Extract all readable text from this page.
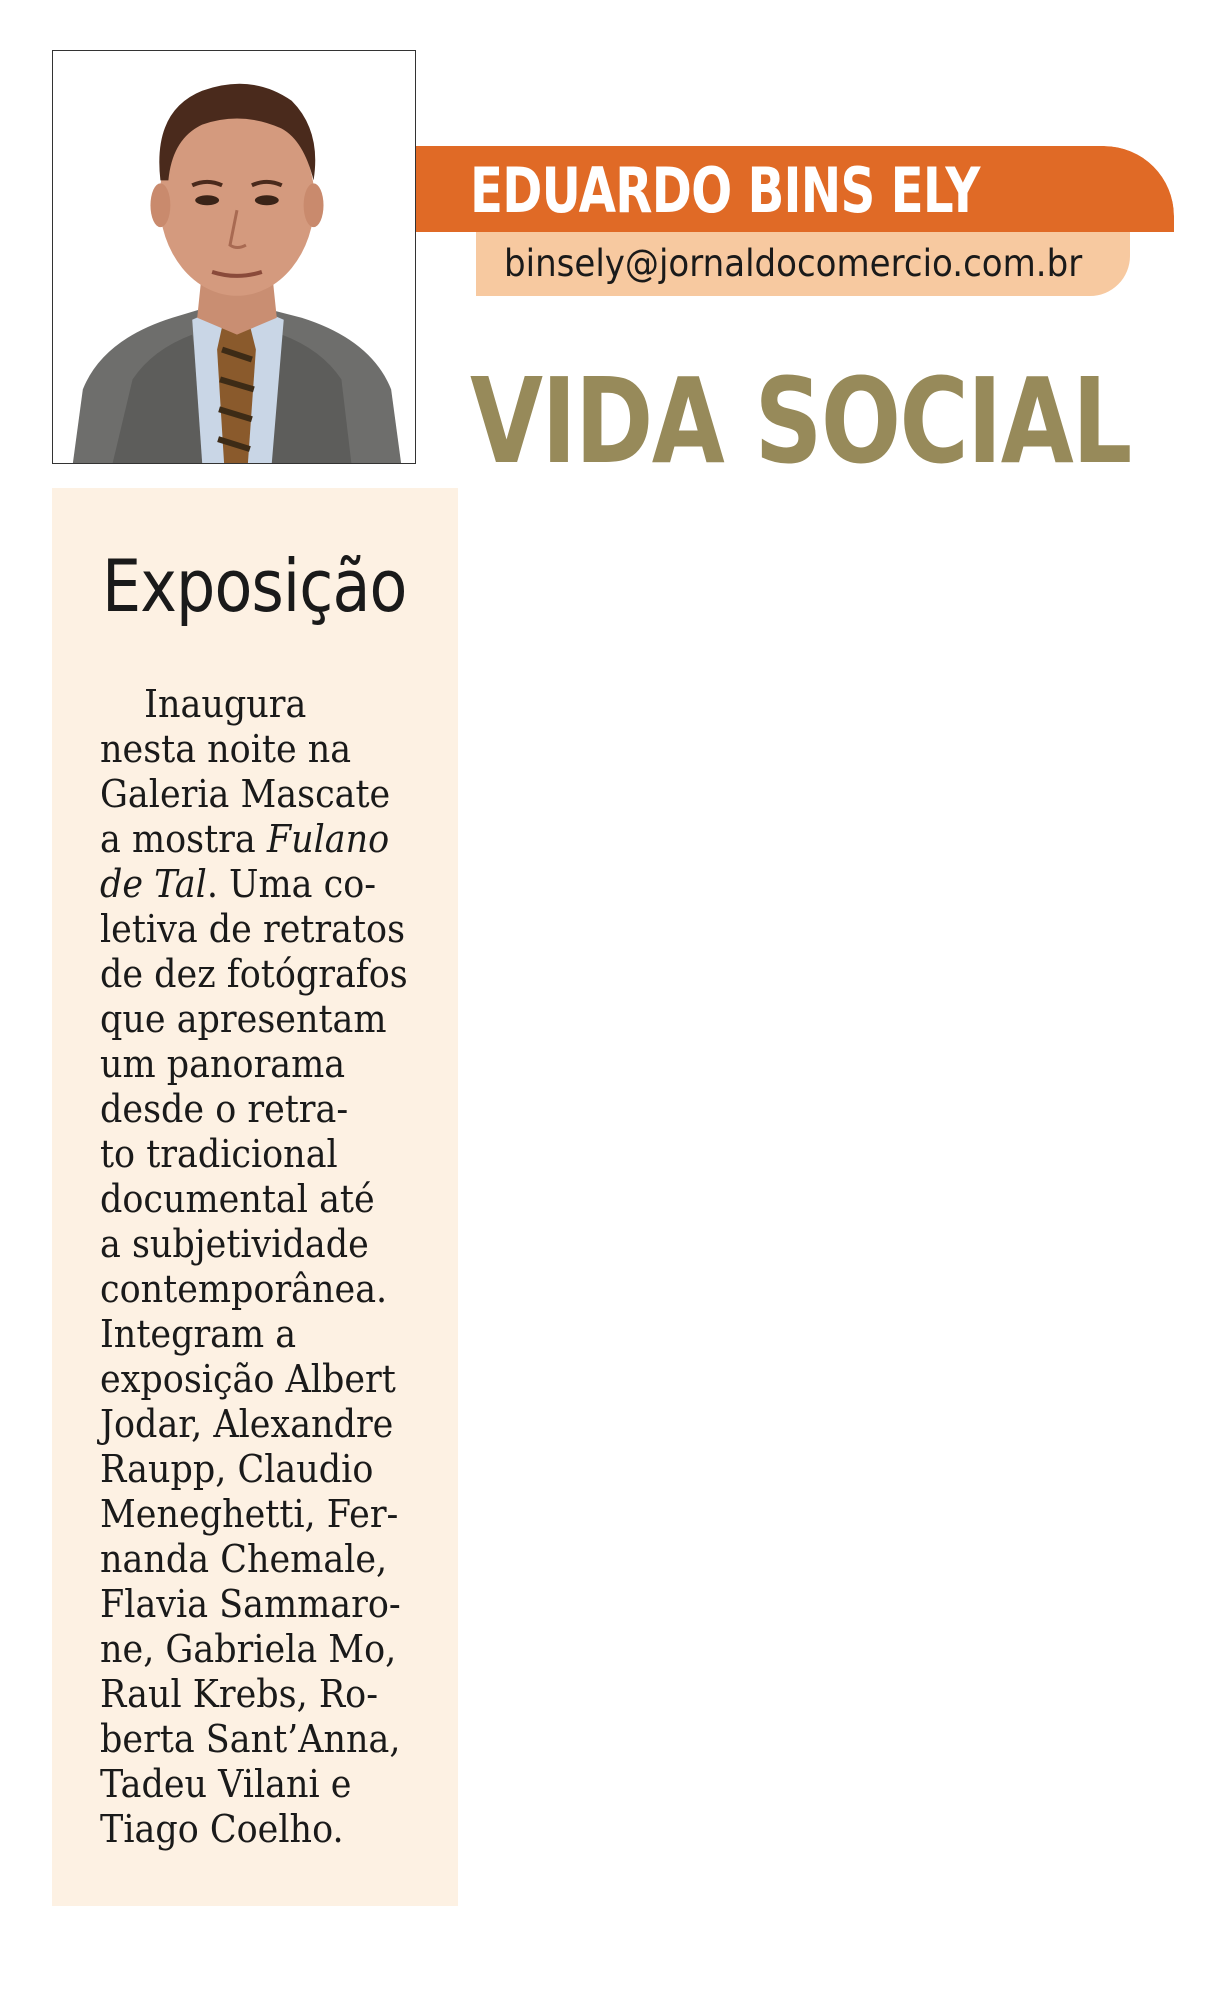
EDUARDO BINS ELY
binsely@jornaldocomercio.com.br
VIDA SOCIAL
Exposição
Inaugura
nesta noite na
Galeria Mascate
a mostra Fulano
de Tal. Uma co-
letiva de retratos
de dez fotógrafos
que apresentam
um panorama
desde o retra-
to tradicional
documental até
a subjetividade
contemporânea.
Integram a
exposição Albert
Jodar, Alexandre
Raupp, Claudio
Meneghetti, Fer-
nanda Chemale,
Flavia Sammaro-
ne, Gabriela Mo,
Raul Krebs, Ro-
berta Sant’Anna,
Tadeu Vilani e
Tiago Coelho.
